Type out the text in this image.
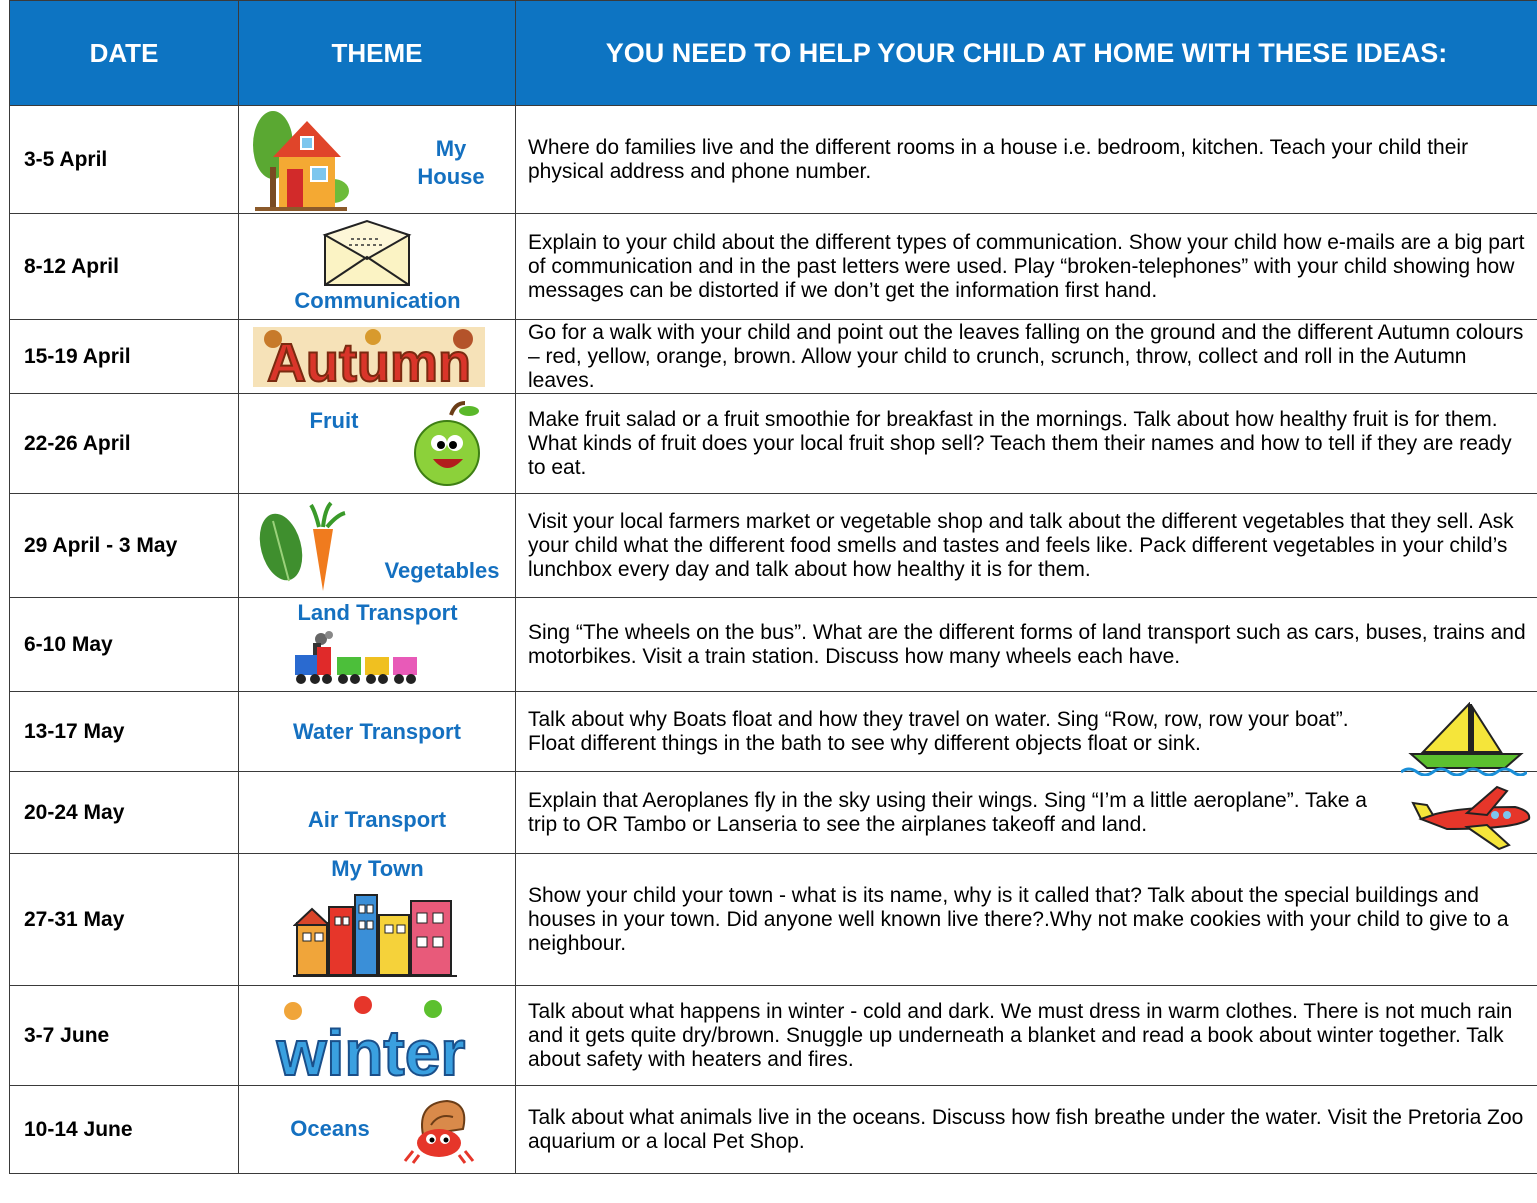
DATE	THEME	YOU NEED TO HELP YOUR CHILD AT HOME WITH THESE IDEAS:
3-5 April	My House	Where do families live and the different rooms in a house i.e. bedroom, kitchen. Teach your child their physical address and phone number.
8-12 April	Communication	Explain to your child about the different types of communication. Show your child how e-mails are a big part of communication and in the past letters were used. Play “broken-telephones” with your child showing how messages can be distorted if we don’t get the information first hand.
15-19 April	Autumn	Go for a walk with your child and point out the leaves falling on the ground and the different Autumn colours – red, yellow, orange, brown. Allow your child to crunch, scrunch, throw, collect and roll in the Autumn leaves.
22-26 April	Fruit	Make fruit salad or a fruit smoothie for breakfast in the mornings. Talk about how healthy fruit is for them. What kinds of fruit does your local fruit shop sell? Teach them their names and how to tell if they are ready to eat.
29 April - 3 May	Vegetables	Visit your local farmers market or vegetable shop and talk about the different vegetables that they sell. Ask your child what the different food smells and tastes and feels like. Pack different vegetables in your child’s lunchbox every day and talk about how healthy it is for them.
6-10 May	Land Transport	Sing “The wheels on the bus”. What are the different forms of land transport such as cars, buses, trains and motorbikes. Visit a train station. Discuss how many wheels each have.
13-17 May	Water Transport	Talk about why Boats float and how they travel on water. Sing “Row, row, row your boat”. Float different things in the bath to see why different objects float or sink.

20-24 May	Air Transport	Explain that Aeroplanes fly in the sky using their wings. Sing “I’m a little aeroplane”. Take a trip to OR Tambo or Lanseria to see the airplanes takeoff and land.

27-31 May	My Town	Show your child your town - what is its name, why is it called that? Talk about the special buildings and houses in your town. Did anyone well known live there?.Why not make cookies with your child to give to a neighbour.
3-7 June	winter	Talk about what happens in winter - cold and dark. We must dress in warm clothes. There is not much rain and it gets quite dry/brown. Snuggle up underneath a blanket and read a book about winter together. Talk about safety with heaters and fires.
10-14 June	Oceans	Talk about what animals live in the oceans. Discuss how fish breathe under the water. Visit the Pretoria Zoo aquarium or a local Pet Shop.
